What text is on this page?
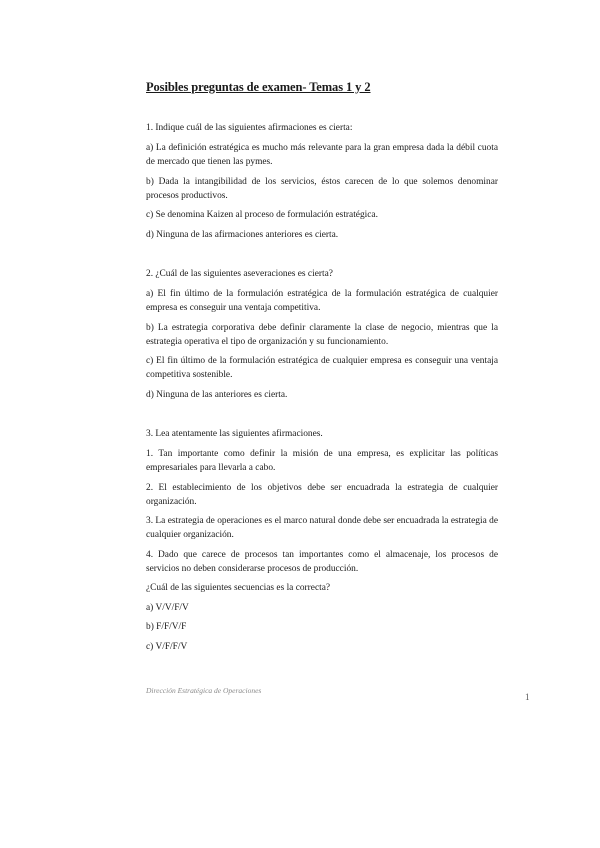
Posibles preguntas de examen- Temas 1 y 2

1. Indique cuál de las siguientes afirmaciones es cierta:

a) La definición estratégica es mucho más relevante para la gran empresa dada la débil cuota de mercado que tienen las pymes.

b) Dada la intangibilidad de los servicios, éstos carecen de lo que solemos denominar procesos productivos.

c) Se denomina Kaizen al proceso de formulación estratégica.

d) Ninguna de las afirmaciones anteriores es cierta.

2. ¿Cuál de las siguientes aseveraciones es cierta?

a) El fin último de la formulación estratégica de la formulación estratégica de cualquier empresa es conseguir una ventaja competitiva.

b) La estrategia corporativa debe definir claramente la clase de negocio, mientras que la estrategia operativa el tipo de organización y su funcionamiento.

c) El fin último de la formulación estratégica de cualquier empresa es conseguir una ventaja competitiva sostenible.

d) Ninguna de las anteriores es cierta.

3. Lea atentamente las siguientes afirmaciones.

1. Tan importante como definir la misión de una empresa, es explicitar las políticas empresariales para llevarla a cabo.

2. El establecimiento de los objetivos debe ser encuadrada la estrategia de cualquier organización.

3. La estrategia de operaciones es el marco natural donde debe ser encuadrada la estrategia de cualquier organización.

4. Dado que carece de procesos tan importantes como el almacenaje, los procesos de servicios no deben considerarse procesos de producción.

¿Cuál de las siguientes secuencias es la correcta?

a) V/V/F/V

b) F/F/V/F

c) V/F/F/V

Dirección Estratégica de Operaciones
1
